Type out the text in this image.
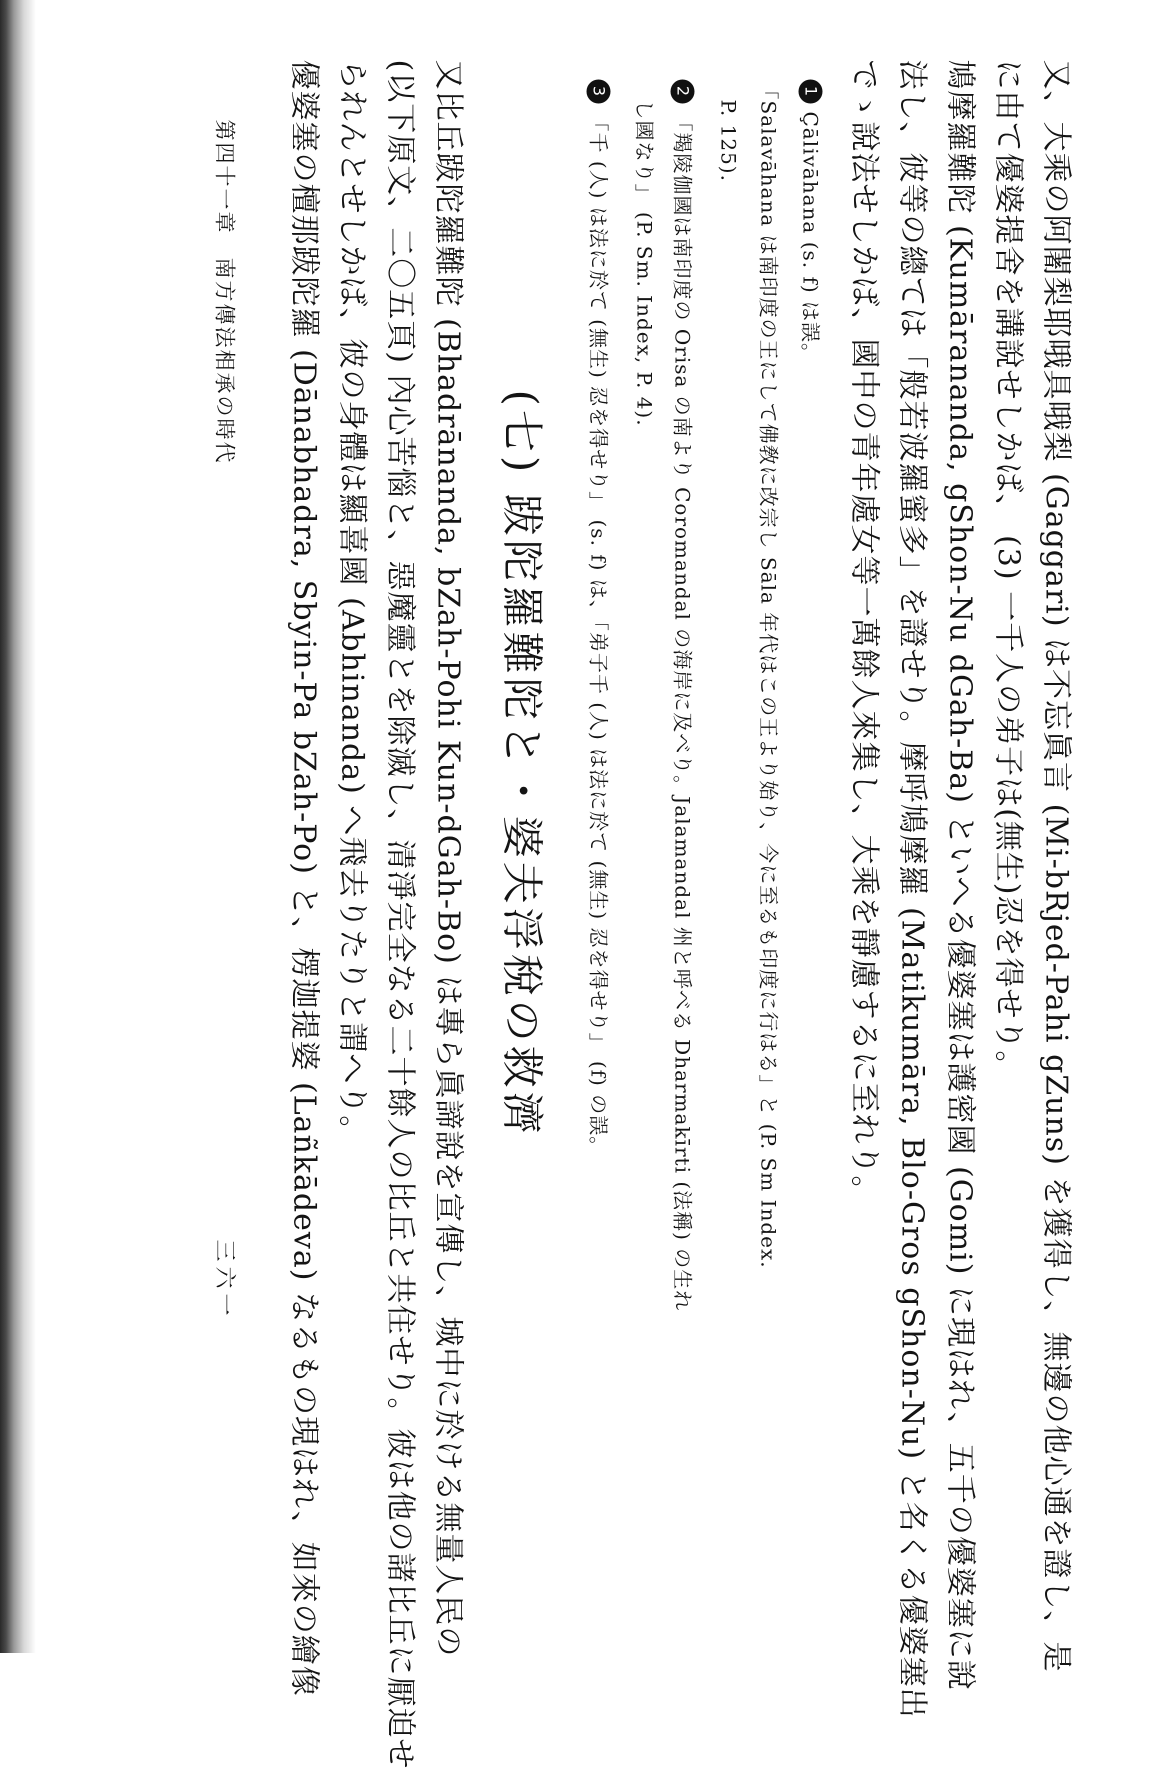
又、大乘の阿闍梨耶哦具哦梨 (Gaggari) は不忘眞言 (Mi-bRjed-Pahi gZuns) を獲得し、無邊の他心通を證し、是
に由て優婆提舍を講說せしかば、 (3) 一千人の弟子は(無生)忍を得せり。
鳩摩羅難陀 (Kumāranandа, gShon-Nu dGah-Ba) といへる優婆塞は護密國 (Gomi) に現はれ、五千の優婆塞に說
法し、彼等の總ては「般若波羅蜜多」を證せり。摩呼鳩摩羅 (Matikumāra, Blo-Gros gShon-Nu) と名くる優婆塞出
でゝ說法せしかば、國中の青年處女等一萬餘人來集し、大乘を靜慮するに至れり。
1Çālivāhana (s. f) は誤。
「Sаlаvāhana は南印度の王にして佛敎に改宗し Sāla 年代はこの王より始り、今に至るも印度に行はる」と (P. Sm Index.
P. 125).
2「羯陵伽國は南印度の Orisa の南より Coromandal の海岸に及べり。Jalamandal 州と呼べる Dharmakīrti (法稱) の生れ
し國なり」 (P. Sm. Index, P. 4).
3「千 (人) は法に於て (無生) 忍を得せり」 (s. f) は、「弟子千 (人) は法に於て (無生) 忍を得せり」 (f) の誤。
(七) 跋陀羅難陀と・婆夫浮稅の救濟
又比丘跋陀羅難陀 (Bhadrānanda, bZah-Pohi Kun-dGah-Bo) は專ら眞諦說を宣傳し、城中に於ける無量人民の
(以下原文、二〇五頁) 內心苦惱と、惡魔靈とを除滅し、清淨完全なる二十餘人の比丘と共住せり。彼は他の諸比丘に厭迫せ
られんとせしかば、彼の身體は顯喜國 (Abhinanda) へ飛去りたりと謂へり。
優婆塞の檀那跋陀羅 (Dānabhadra, Sbyin-Pa bZah-Po) と、楞迦提婆 (Lañkādeva) なるもの現はれ、如來の繪像
第四十一章　南方傳法相承の時代
三六一
